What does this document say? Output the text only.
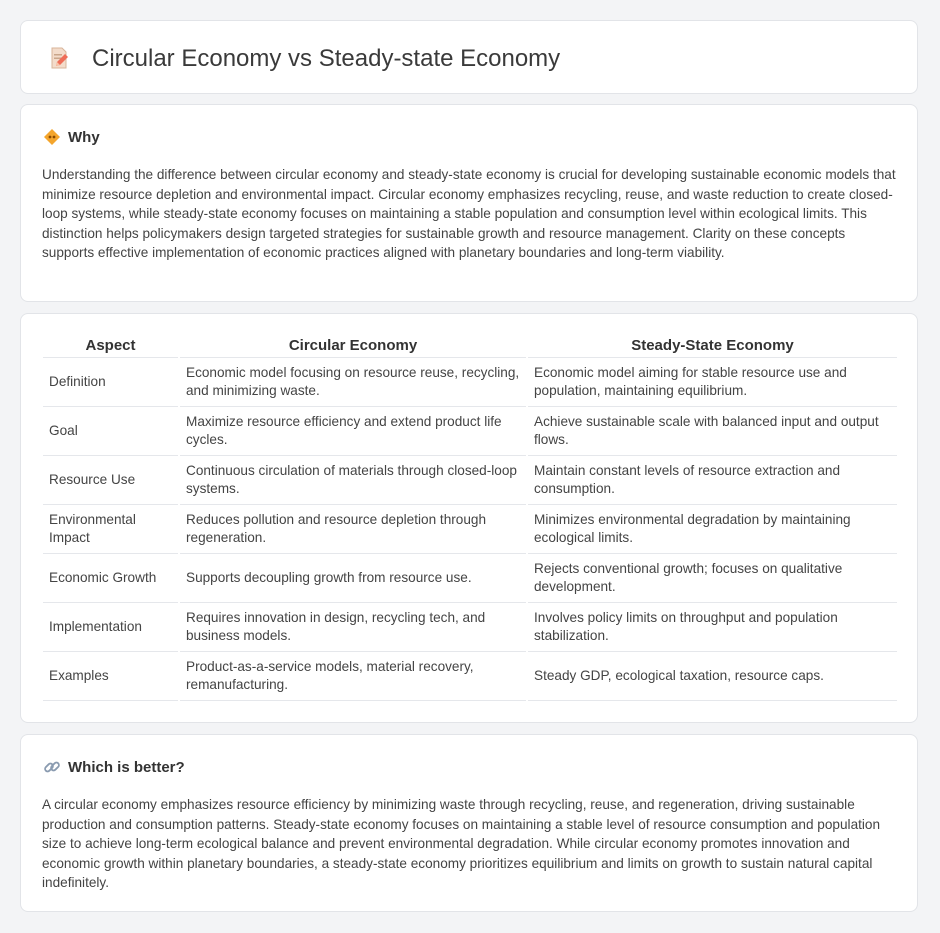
Circular Economy vs Steady-state Economy
Why

Understanding the difference between circular economy and steady-state economy is crucial for developing sustainable economic models that minimize resource depletion and environmental impact. Circular economy emphasizes recycling, reuse, and waste reduction to create closed-loop systems, while steady-state economy focuses on maintaining a stable population and consumption level within ecological limits. This distinction helps policymakers design targeted strategies for sustainable growth and resource management. Clarity on these concepts supports effective implementation of economic practices aligned with planetary boundaries and long-term viability.

Aspect	Circular Economy	Steady-State Economy
Definition	Economic model focusing on resource reuse, recycling, and minimizing waste.	Economic model aiming for stable resource use and population, maintaining equilibrium.
Goal	Maximize resource efficiency and extend product life cycles.	Achieve sustainable scale with balanced input and output flows.
Resource Use	Continuous circulation of materials through closed-loop systems.	Maintain constant levels of resource extraction and consumption.
Environmental Impact	Reduces pollution and resource depletion through regeneration.	Minimizes environmental degradation by maintaining ecological limits.
Economic Growth	Supports decoupling growth from resource use.	Rejects conventional growth; focuses on qualitative development.
Implementation	Requires innovation in design, recycling tech, and business models.	Involves policy limits on throughput and population stabilization.
Examples	Product-as-a-service models, material recovery, remanufacturing.	Steady GDP, ecological taxation, resource caps.
Which is better?

A circular economy emphasizes resource efficiency by minimizing waste through recycling, reuse, and regeneration, driving sustainable production and consumption patterns. Steady-state economy focuses on maintaining a stable level of resource consumption and population size to achieve long-term ecological balance and prevent environmental degradation. While circular economy promotes innovation and economic growth within planetary boundaries, a steady-state economy prioritizes equilibrium and limits on growth to sustain natural capital indefinitely.
